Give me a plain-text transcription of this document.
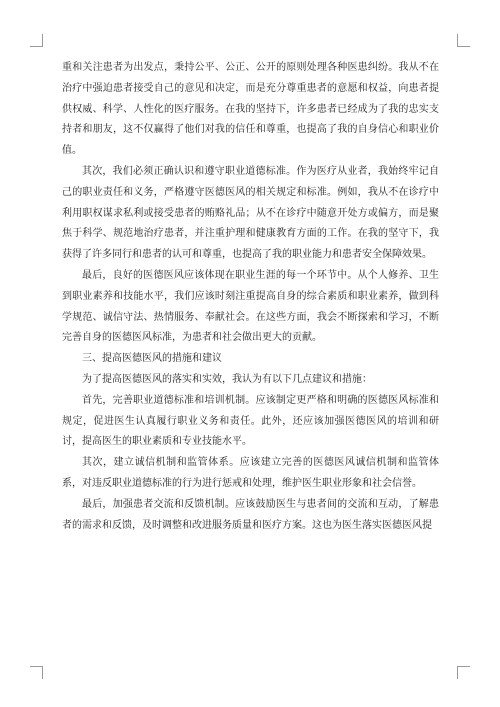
重和关注患者为出发点，秉持公平、公正、公开的原则处理各种医患纠纷。我从不在治疗中强迫患者接受自己的意见和决定，而是充分尊重患者的意愿和权益，向患者提供权威、科学、人性化的医疗服务。在我的坚持下，许多患者已经成为了我的忠实支持者和朋友，这不仅赢得了他们对我的信任和尊重，也提高了我的自身信心和职业价值。

其次，我们必须正确认识和遵守职业道德标准。作为医疗从业者，我始终牢记自己的职业责任和义务，严格遵守医德医风的相关规定和标准。例如，我从不在诊疗中利用职权谋求私利或接受患者的贿赂礼品；从不在诊疗中随意开处方或偏方，而是聚焦于科学、规范地治疗患者，并注重护理和健康教育方面的工作。在我的坚守下，我获得了许多同行和患者的认可和尊重，也提高了我的职业能力和患者安全保障效果。

最后，良好的医德医风应该体现在职业生涯的每一个环节中。从个人修养、卫生到职业素养和技能水平，我们应该时刻注重提高自身的综合素质和职业素养，做到科学规范、诚信守法、热情服务、奉献社会。在这些方面，我会不断探索和学习，不断完善自身的医德医风标准，为患者和社会做出更大的贡献。

三、提高医德医风的措施和建议

为了提高医德医风的落实和实效，我认为有以下几点建议和措施：

首先，完善职业道德标准和培训机制。应该制定更严格和明确的医德医风标准和规定，促进医生认真履行职业义务和责任。此外，还应该加强医德医风的培训和研讨，提高医生的职业素质和专业技能水平。

其次，建立诚信机制和监管体系。应该建立完善的医德医风诚信机制和监管体系，对违反职业道德标准的行为进行惩戒和处理，维护医生职业形象和社会信誉。

最后，加强患者交流和反馈机制。应该鼓励医生与患者间的交流和互动，了解患者的需求和反馈，及时调整和改进服务质量和医疗方案。这也为医生落实医德医风提
